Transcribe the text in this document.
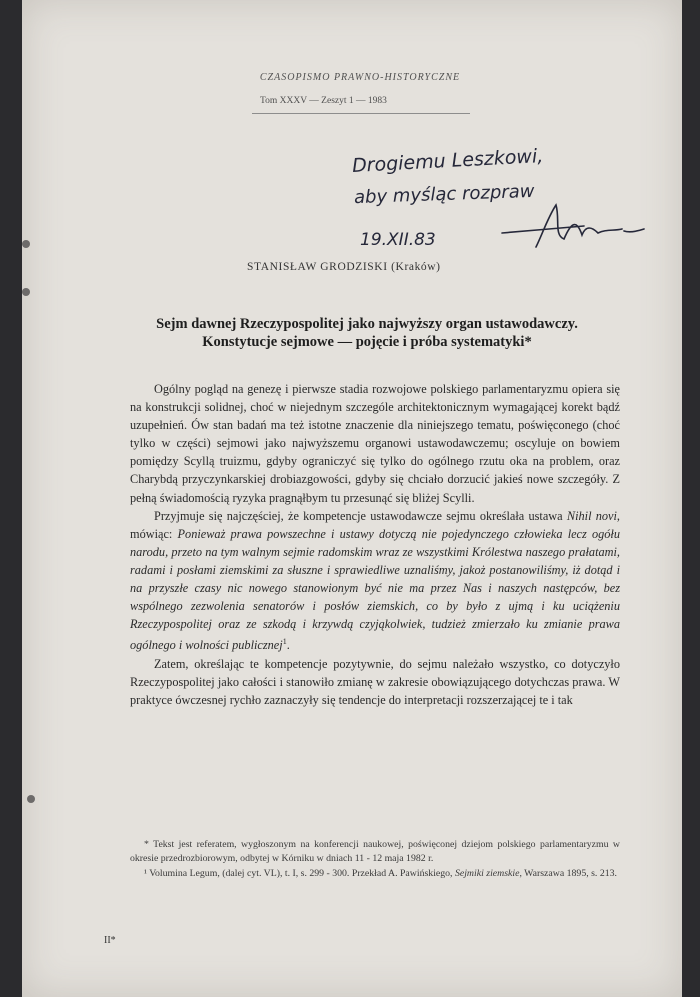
CZASOPISMO PRAWNO-HISTORYCZNE
Tom XXXV — Zeszyt 1 — 1983
Drogiemu Leszkowi,
aby myśląc rozpraw
19.XII.83
STANISŁAW GRODZISKI (Kraków)
Sejm dawnej Rzeczypospolitej jako najwyższy organ ustawodawczy.
Konstytucje sejmowe — pojęcie i próba systematyki*

Ogólny pogląd na genezę i pierwsze stadia rozwojowe polskiego parlamentaryzmu opiera się na konstrukcji solidnej, choć w niejednym szczególe architektonicznym wymagającej korekt bądź uzupełnień. Ów stan badań ma też istotne znaczenie dla niniejszego tematu, poświęconego (choć tylko w części) sejmowi jako najwyższemu organowi ustawodawczemu; oscyluje on bowiem pomiędzy Scyllą truizmu, gdyby ograniczyć się tylko do ogólnego rzutu oka na problem, oraz Charybdą przyczynkarskiej drobiazgowości, gdyby się chciało dorzucić jakieś nowe szczegóły. Z pełną świadomością ryzyka pragnąłbym tu przesunąć się bliżej Scylli.

Przyjmuje się najczęściej, że kompetencje ustawodawcze sejmu określała ustawa Nihil novi, mówiąc: Ponieważ prawa powszechne i ustawy dotyczą nie pojedynczego człowieka lecz ogółu narodu, przeto na tym walnym sejmie radomskim wraz ze wszystkimi Królestwa naszego prałatami, radami i posłami ziemskimi za słuszne i sprawiedliwe uznaliśmy, jakoż postanowiliśmy, iż dotąd i na przyszłe czasy nic nowego stanowionym być nie ma przez Nas i naszych następców, bez wspólnego zezwolenia senatorów i posłów ziemskich, co by było z ujmą i ku uciążeniu Rzeczypospolitej oraz ze szkodą i krzywdą czyjąkolwiek, tudzież zmierzało ku zmianie prawa ogólnego i wolności publicznej$^1$.

Zatem, określając te kompetencje pozytywnie, do sejmu należało wszystko, co dotyczyło Rzeczypospolitej jako całości i stanowiło zmianę w zakresie obowiązującego dotychczas prawa. W praktyce ówczesnej rychło zaznaczyły się tendencje do interpretacji rozszerzającej te i tak

* Tekst jest referatem, wygłoszonym na konferencji naukowej, poświęconej dziejom polskiego parlamentaryzmu w okresie przedrozbiorowym, odbytej w Kórniku w dniach 11 - 12 maja 1982 r.

¹ Volumina Legum, (dalej cyt. VL), t. I, s. 299 - 300. Przekład A. Pawińskiego, Sejmiki ziemskie, Warszawa 1895, s. 213.

II*
